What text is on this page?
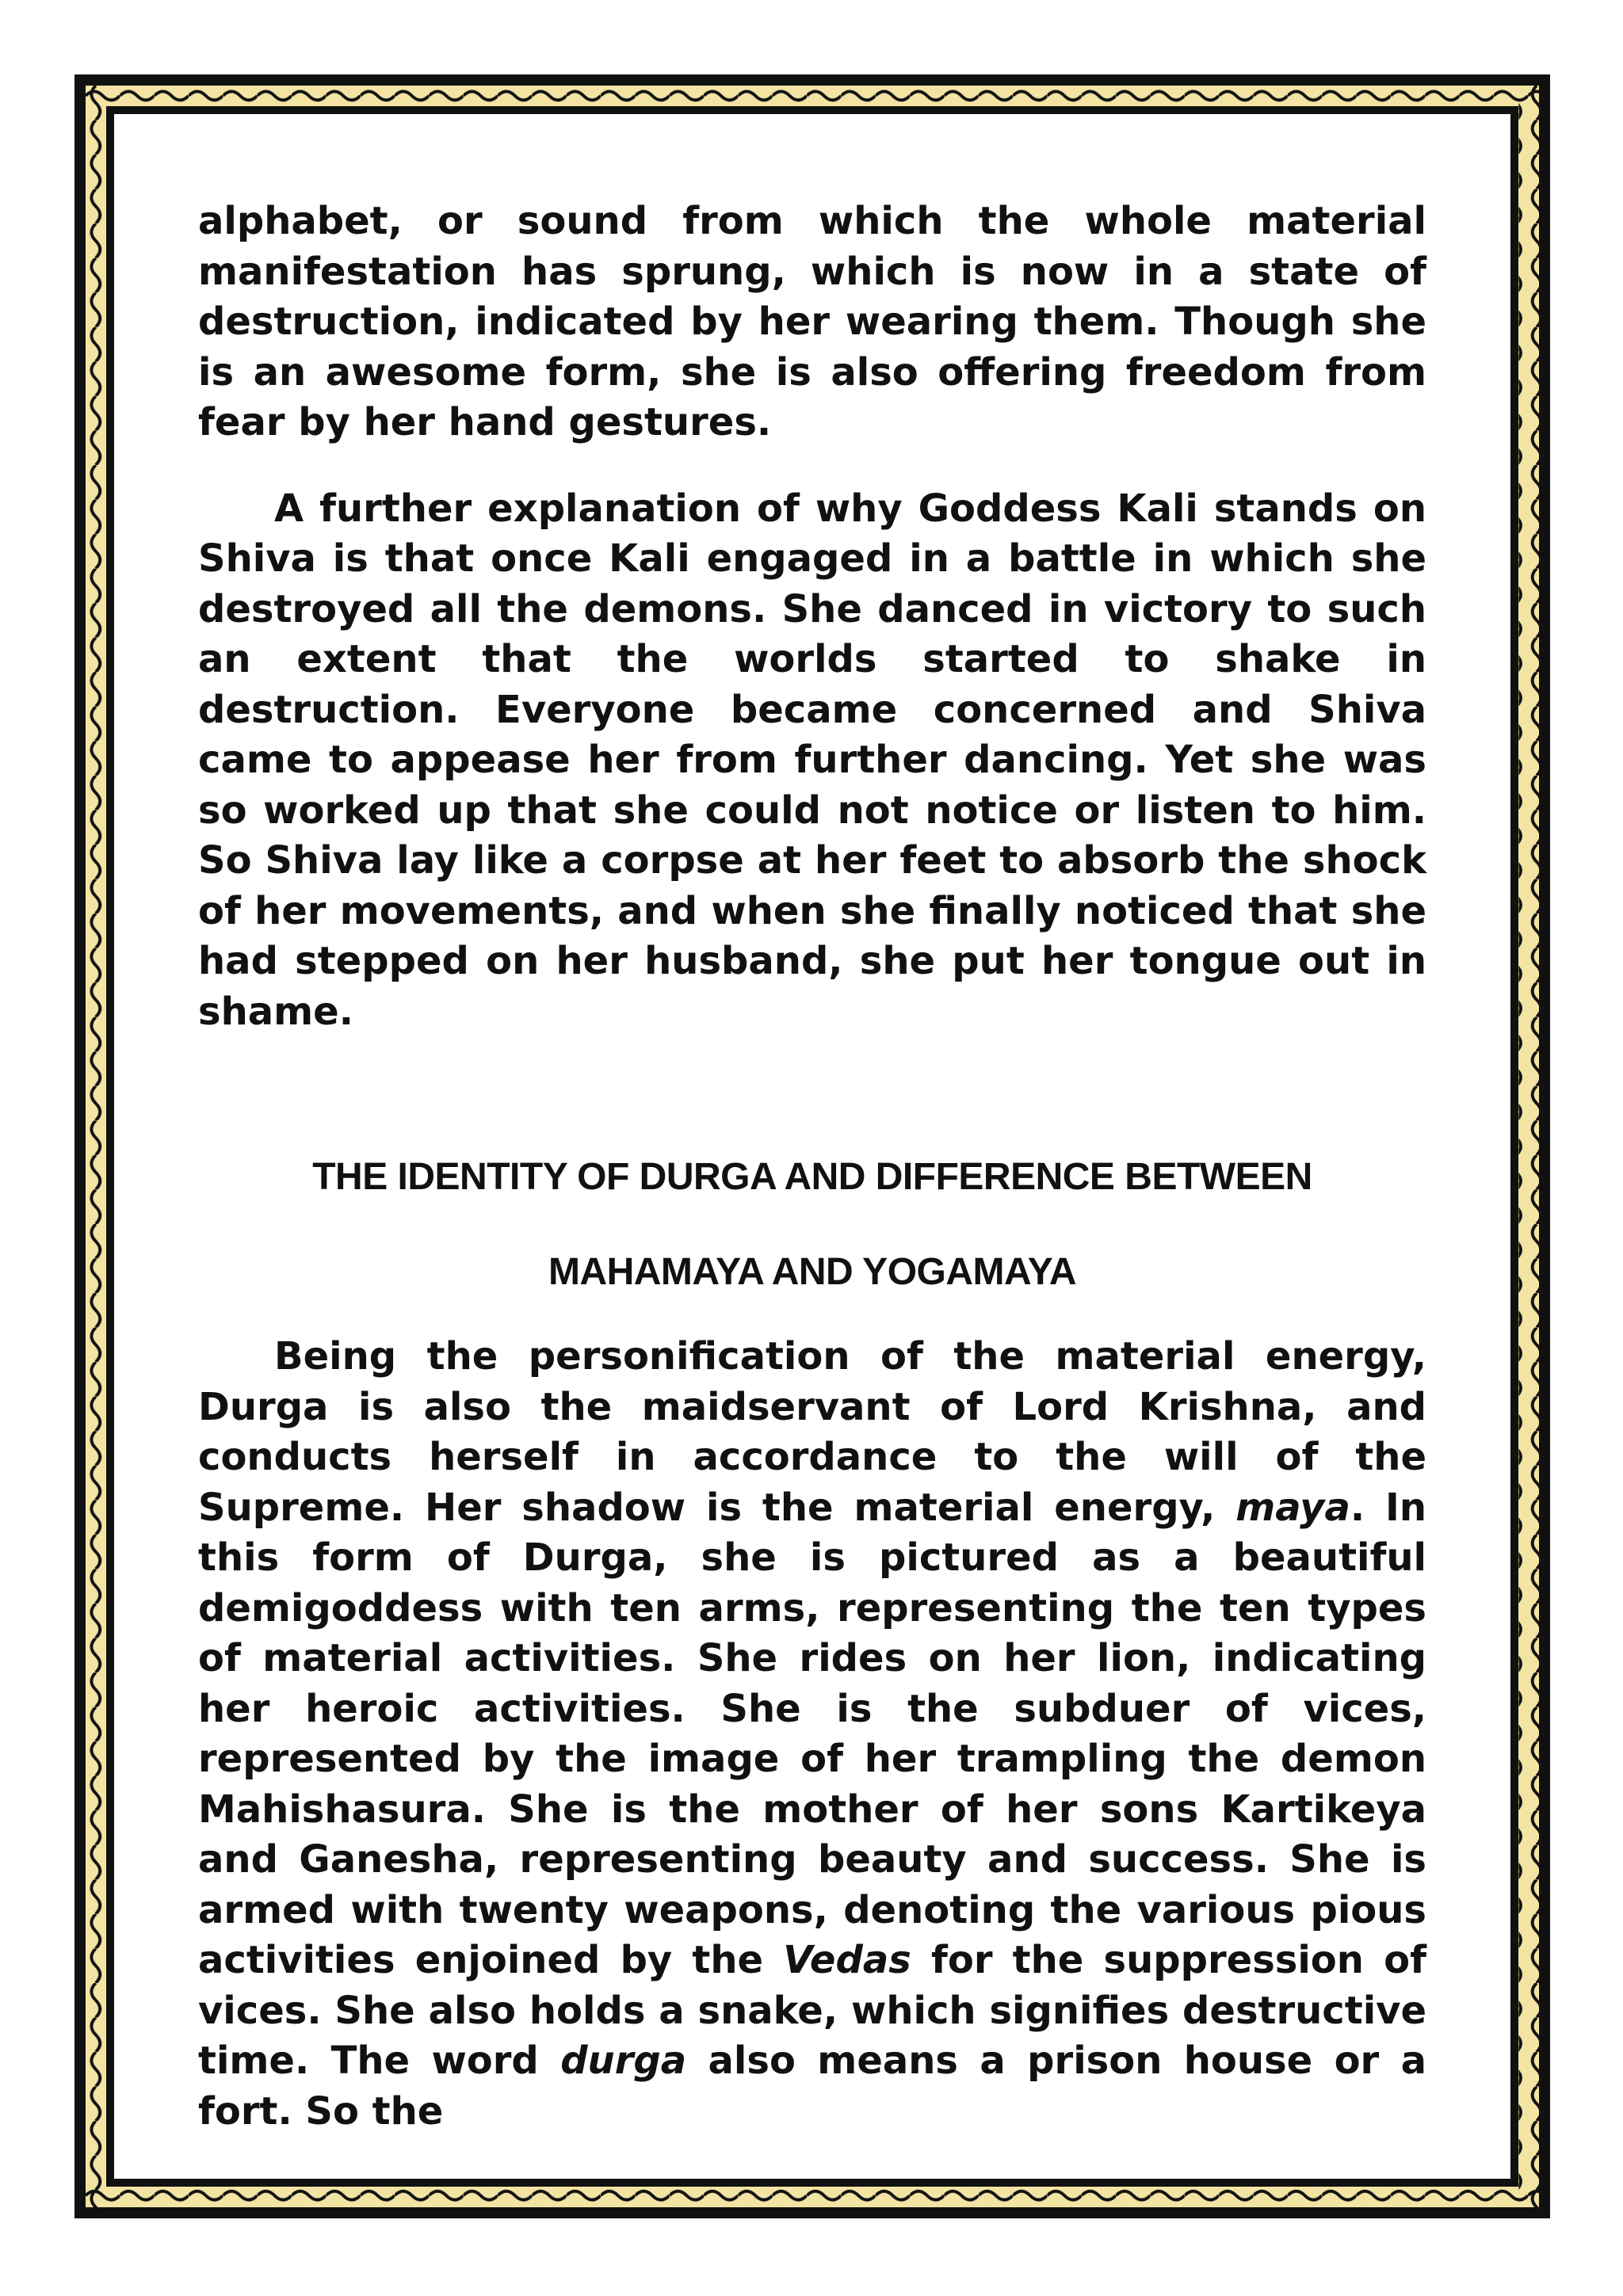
alphabet, or sound from which the whole material manifestation has sprung, which is now in a state of destruction, indicated by her wearing them. Though she is an awesome form, she is also offering freedom from fear by her hand gestures.

A further explanation of why Goddess Kali stands on Shiva is that once Kali engaged in a battle in which she destroyed all the demons. She danced in victory to such an extent that the worlds started to shake in destruction. Everyone became concerned and Shiva came to appease her from further dancing. Yet she was so worked up that she could not notice or listen to him. So Shiva lay like a corpse at her feet to absorb the shock of her movements, and when she finally noticed that she had stepped on her husband, she put her tongue out in shame.

THE IDENTITY OF DURGA AND DIFFERENCE BETWEEN

MAHAMAYA AND YOGAMAYA

Being the personification of the material energy, Durga is also the maidservant of Lord Krishna, and conducts herself in accordance to the will of the Supreme. Her shadow is the material energy, maya. In this form of Durga, she is pictured as a beautiful demigoddess with ten arms, representing the ten types of material activities. She rides on her lion, indicating her heroic activities. She is the subduer of vices, represented by the image of her trampling the demon Mahishasura. She is the mother of her sons Kartikeya and Ganesha, representing beauty and success. She is armed with twenty weapons, denoting the various pious activities enjoined by the Vedas for the suppression of vices. She also holds a snake, which signifies destructive time. The word durga also means a prison house or a fort. So the
